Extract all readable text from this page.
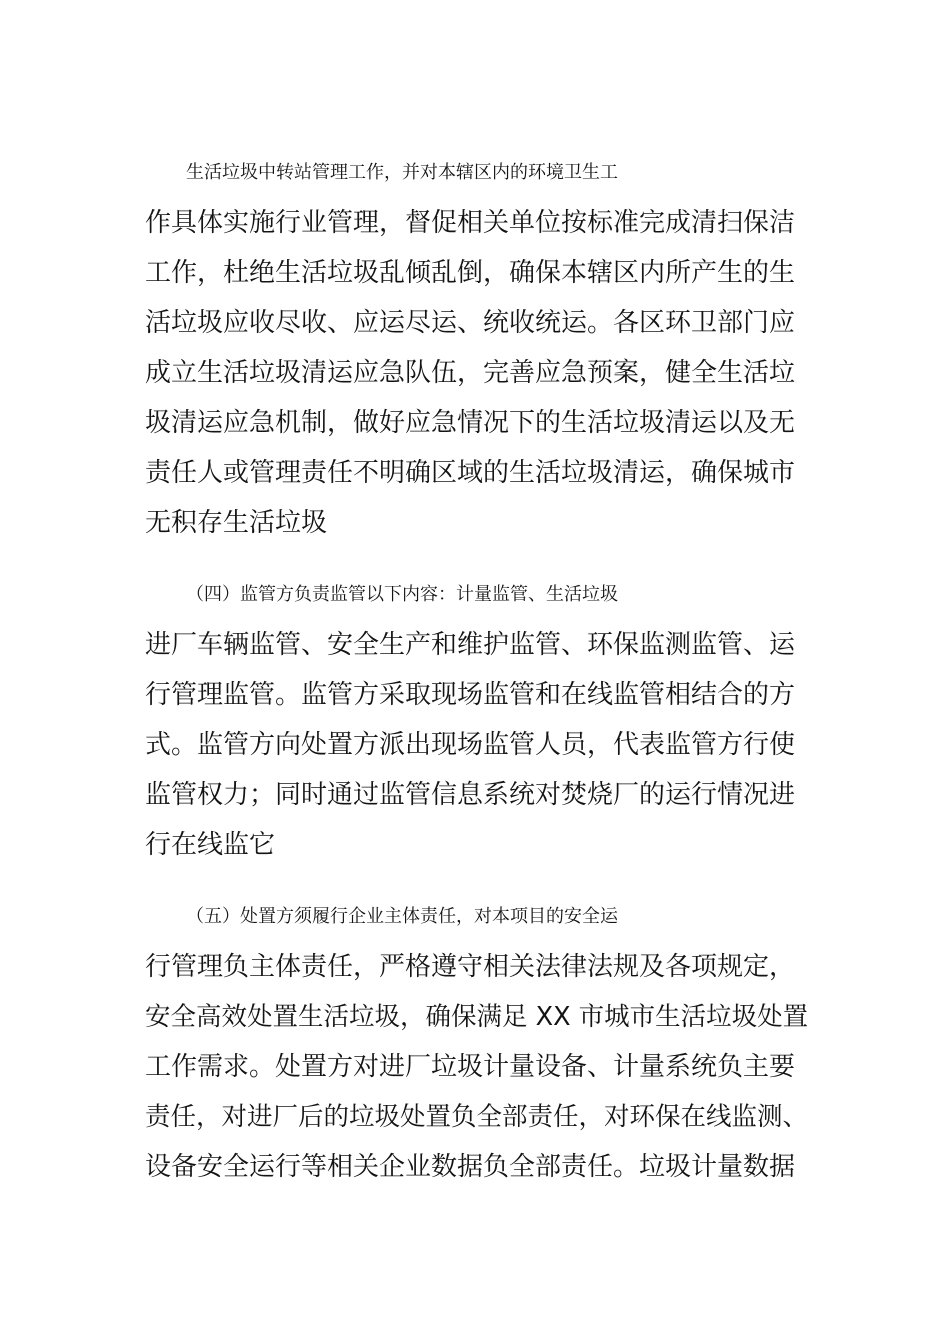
生活垃圾中转站管理工作，并对本辖区内的环境卫生工
作具体实施行业管理，督促相关单位按标准完成清扫保洁
工作，杜绝生活垃圾乱倾乱倒，确保本辖区内所产生的生
活垃圾应收尽收、应运尽运、统收统运。各区环卫部门应
成立生活垃圾清运应急队伍，完善应急预案，健全生活垃
圾清运应急机制，做好应急情况下的生活垃圾清运以及无
责任人或管理责任不明确区域的生活垃圾清运，确保城市
无积存生活垃圾
（四）监管方负责监管以下内容：计量监管、生活垃圾
进厂车辆监管、安全生产和维护监管、环保监测监管、运
行管理监管。监管方采取现场监管和在线监管相结合的方
式。监管方向处置方派出现场监管人员，代表监管方行使
监管权力；同时通过监管信息系统对焚烧厂的运行情况进
行在线监它
（五）处置方须履行企业主体责任，对本项目的安全运
行管理负主体责任，严格遵守相关法律法规及各项规定，
安全高效处置生活垃圾，确保满足 XX 市城市生活垃圾处置
工作需求。处置方对进厂垃圾计量设备、计量系统负主要
责任，对进厂后的垃圾处置负全部责任，对环保在线监测、
设备安全运行等相关企业数据负全部责任。垃圾计量数据
